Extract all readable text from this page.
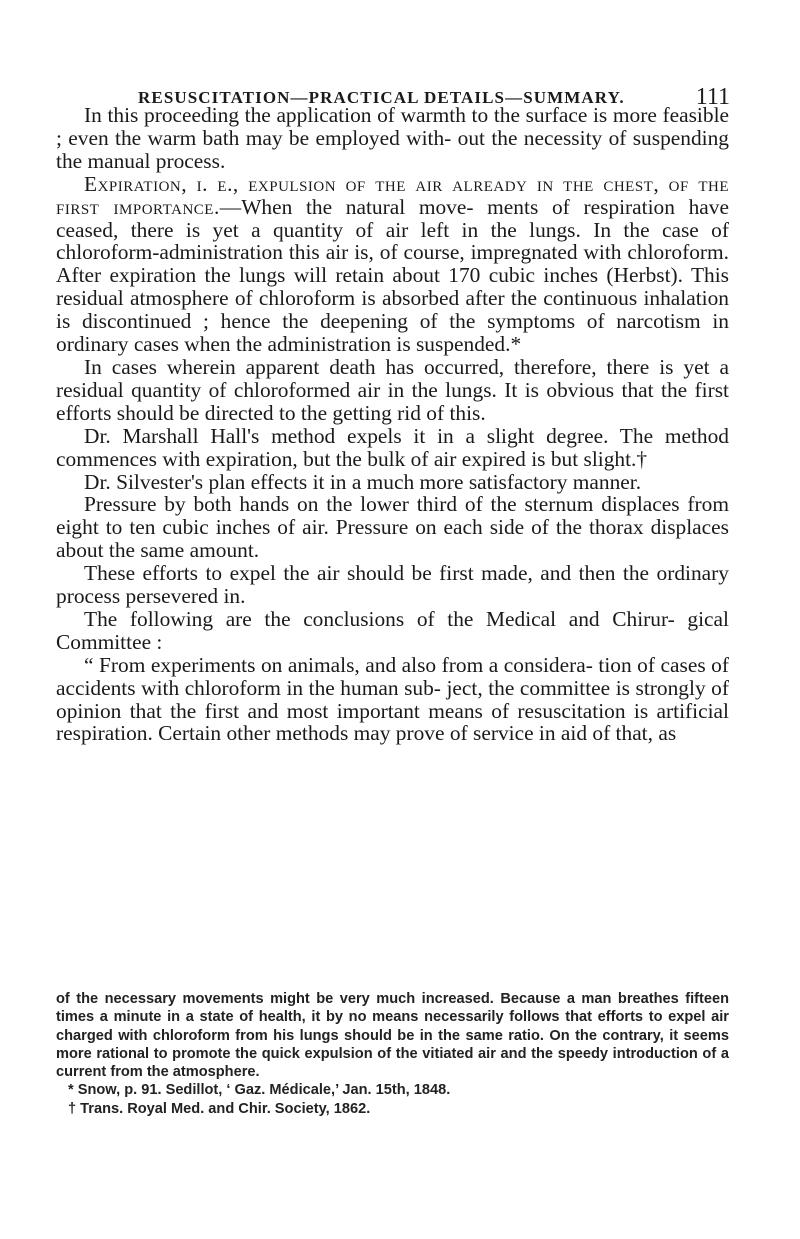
RESUSCITATION—PRACTICAL DETAILS—SUMMARY.	111

In this proceeding the application of warmth to the surface is more feasible ; even the warm bath may be employed with- out the necessity of suspending the manual process.

Expiration, i. e., expulsion of the air already in the chest, of the first importance.—When the natural move- ments of respiration have ceased, there is yet a quantity of air left in the lungs. In the case of chloroform-administration this air is, of course, impregnated with chloroform. After expiration the lungs will retain about 170 cubic inches (Herbst). This residual atmosphere of chloroform is absorbed after the continuous inhalation is discontinued ; hence the deepening of the symptoms of narcotism in ordinary cases when the administration is suspended.*

In cases wherein apparent death has occurred, therefore, there is yet a residual quantity of chloroformed air in the lungs. It is obvious that the first efforts should be directed to the getting rid of this.

Dr. Marshall Hall's method expels it in a slight degree. The method commences with expiration, but the bulk of air expired is but slight.†

Dr. Silvester's plan effects it in a much more satisfactory manner.

Pressure by both hands on the lower third of the sternum displaces from eight to ten cubic inches of air. Pressure on each side of the thorax displaces about the same amount.

These efforts to expel the air should be first made, and then the ordinary process persevered in.

The following are the conclusions of the Medical and Chirur- gical Committee :

“ From experiments on animals, and also from a considera- tion of cases of accidents with chloroform in the human sub- ject, the committee is strongly of opinion that the first and most important means of resuscitation is artificial respiration. Certain other methods may prove of service in aid of that, as

of the necessary movements might be very much increased. Because a man breathes fifteen times a minute in a state of health, it by no means necessarily follows that efforts to expel air charged with chloroform from his lungs should be in the same ratio. On the contrary, it seems more rational to promote the quick expulsion of the vitiated air and the speedy introduction of a current from the atmosphere.

* Snow, p. 91. Sedillot, ‘ Gaz. Médicale,’ Jan. 15th, 1848.

† Trans. Royal Med. and Chir. Society, 1862.
